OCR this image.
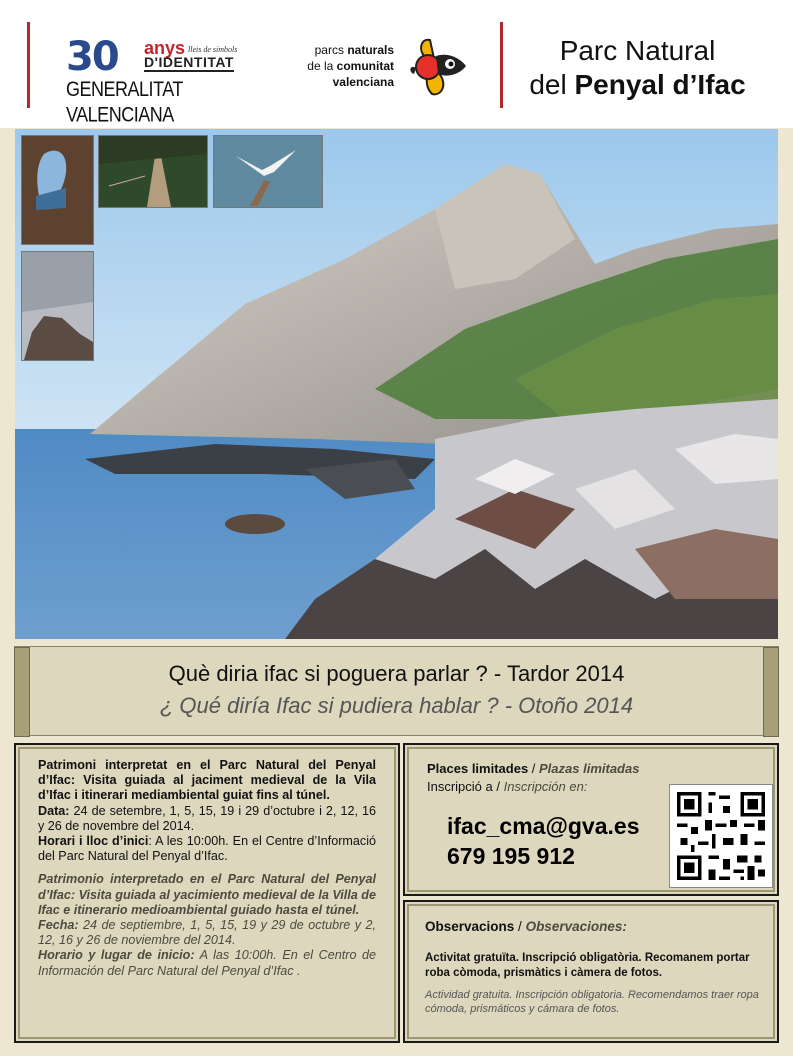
30 anys lleis de símbols
D'IDENTITAT
GENERALITAT VALENCIANA
parcs naturals
de la comunitat
valenciana
Parc Natural
del Penyal d’Ifac
Què diria ifac si poguera parlar ? - Tardor 2014
¿ Qué diría Ifac si pudiera hablar ? - Otoño 2014

Patrimoni interpretat en el Parc Natural del Penyal d’Ifac: Visita guiada al jaciment medieval de la Vila d’Ifac i itinerari mediambiental guiat fins al túnel.
Data: 24 de setembre, 1, 5, 15, 19 i 29 d’octubre i 2, 12, 16 y 26 de novembre del 2014.
Horari i lloc d’inici: A les 10:00h. En el Centre d’Informació del Parc Natural del Penyal d’Ifac.

Patrimonio interpretado en el Parc Natural del Penyal d’Ifac: Visita guiada al yacimiento medieval de la Villa de Ifac e itinerario medioambiental guiado hasta el túnel.
Fecha: 24 de septiembre, 1, 5, 15, 19 y 29 de octubre y 2, 12, 16 y 26 de noviembre del 2014.
Horario y lugar de inicio: A las 10:00h. En el Centro de Información del Parc Natural del Penyal d’Ifac .

Places limitades / Plazas limitadas
Inscripció a / Inscripción en:
ifac_cma@gva.es
679 195 912
Observacions / Observaciones:
Activitat gratuïta. Inscripció obligatòria. Recomanem portar roba còmoda, prismàtics i càmera de fotos.
Actividad gratuita. Inscripción obligatoria. Recomendamos traer ropa cómoda, prismáticos y cámara de fotos.
